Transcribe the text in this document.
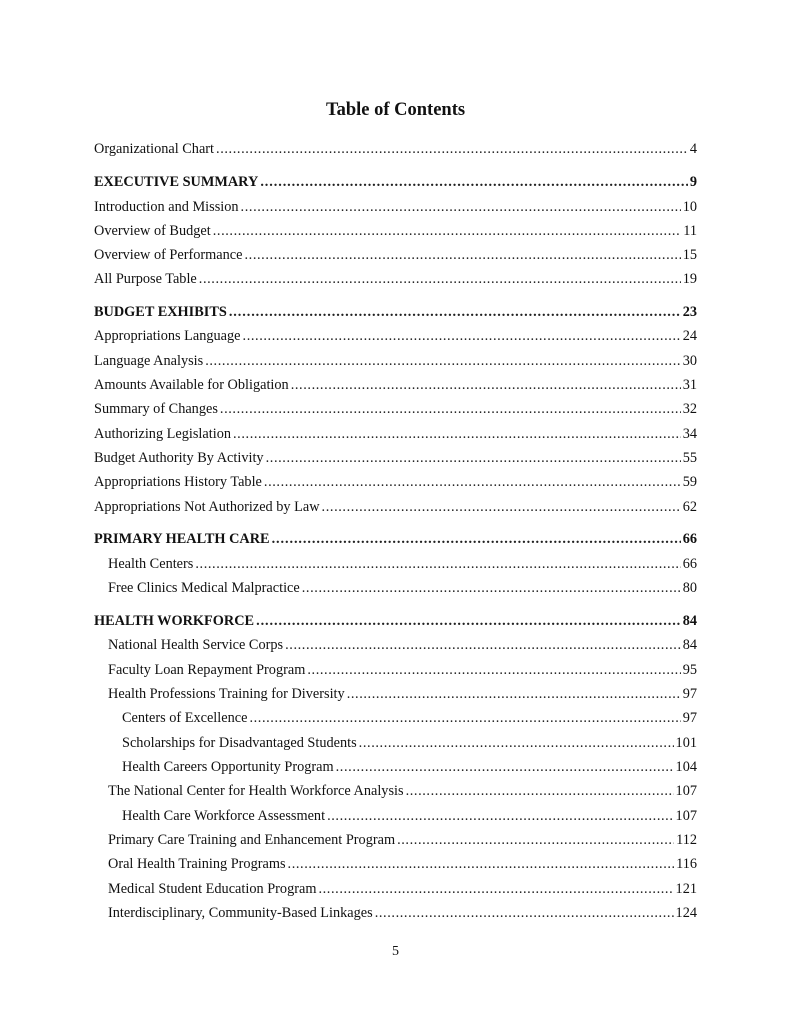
Table of Contents
Organizational Chart .....	4
EXECUTIVE SUMMARY .....	9
Introduction and Mission .....	10
Overview of Budget .....	11
Overview of Performance .....	15
All Purpose Table .....	19
BUDGET EXHIBITS .....	23
Appropriations Language .....	24
Language Analysis .....	30
Amounts Available for Obligation .....	31
Summary of Changes .....	32
Authorizing Legislation .....	34
Budget Authority By Activity .....	55
Appropriations History Table .....	59
Appropriations Not Authorized by Law .....	62
PRIMARY HEALTH CARE .....	66
Health Centers .....	66
Free Clinics Medical Malpractice .....	80
HEALTH WORKFORCE .....	84
National Health Service Corps .....	84
Faculty Loan Repayment Program .....	95
Health Professions Training for Diversity .....	97
Centers of Excellence .....	97
Scholarships for Disadvantaged Students .....	101
Health Careers Opportunity Program .....	104
The National Center for Health Workforce Analysis .....	107
Health Care Workforce Assessment .....	107
Primary Care Training and Enhancement Program .....	112
Oral Health Training Programs .....	116
Medical Student Education Program .....	121
Interdisciplinary, Community-Based Linkages .....	124
5
